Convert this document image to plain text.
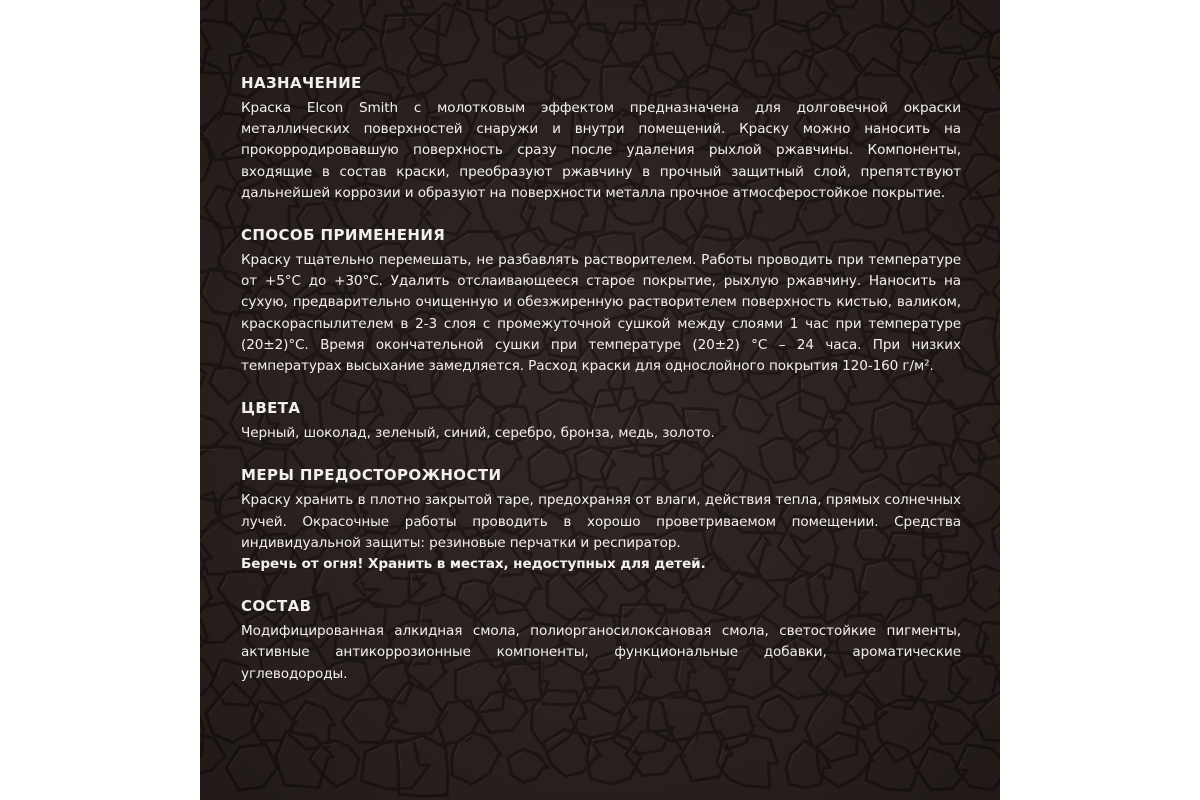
НАЗНАЧЕНИЕ
Краска Elcon Smith с молотковым эффектом предназначена для долговечной окраски металлических поверхностей снаружи и внутри помещений. Краску можно наносить на прокорродировавшую поверхность сразу после удаления рыхлой ржавчины. Компоненты, входящие в состав краски, преобразуют ржавчину в прочный защитный слой, препятствуют дальнейшей коррозии и образуют на поверхности металла прочное атмосферостойкое покрытие.
СПОСОБ ПРИМЕНЕНИЯ
Краску тщательно перемешать, не разбавлять растворителем. Работы проводить при температуре от +5°С до +30°С. Удалить отслаивающееся старое покрытие, рыхлую ржавчину. Наносить на сухую, предварительно очищенную и обезжиренную растворителем поверхность кистью, валиком, краскораспылителем в 2-3 слоя с промежуточной сушкой между слоями 1 час при температуре (20±2)°С. Время окончательной сушки при температуре (20±2) °С – 24 часа. При низких температурах высыхание замедляется. Расход краски для однослойного покрытия 120-160 г/м².
ЦВЕТА
Черный, шоколад, зеленый, синий, серебро, бронза, медь, золото.
МЕРЫ ПРЕДОСТОРОЖНОСТИ
Краску хранить в плотно закрытой таре, предохраняя от влаги, действия тепла, прямых солнечных лучей. Окрасочные работы проводить в хорошо проветриваемом помещении. Средства индивидуальной защиты: резиновые перчатки и респиратор.
Беречь от огня! Хранить в местах, недоступных для детей.
СОСТАВ
Модифицированная алкидная смола, полиорганосилоксановая смола, светостойкие пигменты, активные антикоррозионные компоненты, функциональные добавки, ароматические углеводороды.
